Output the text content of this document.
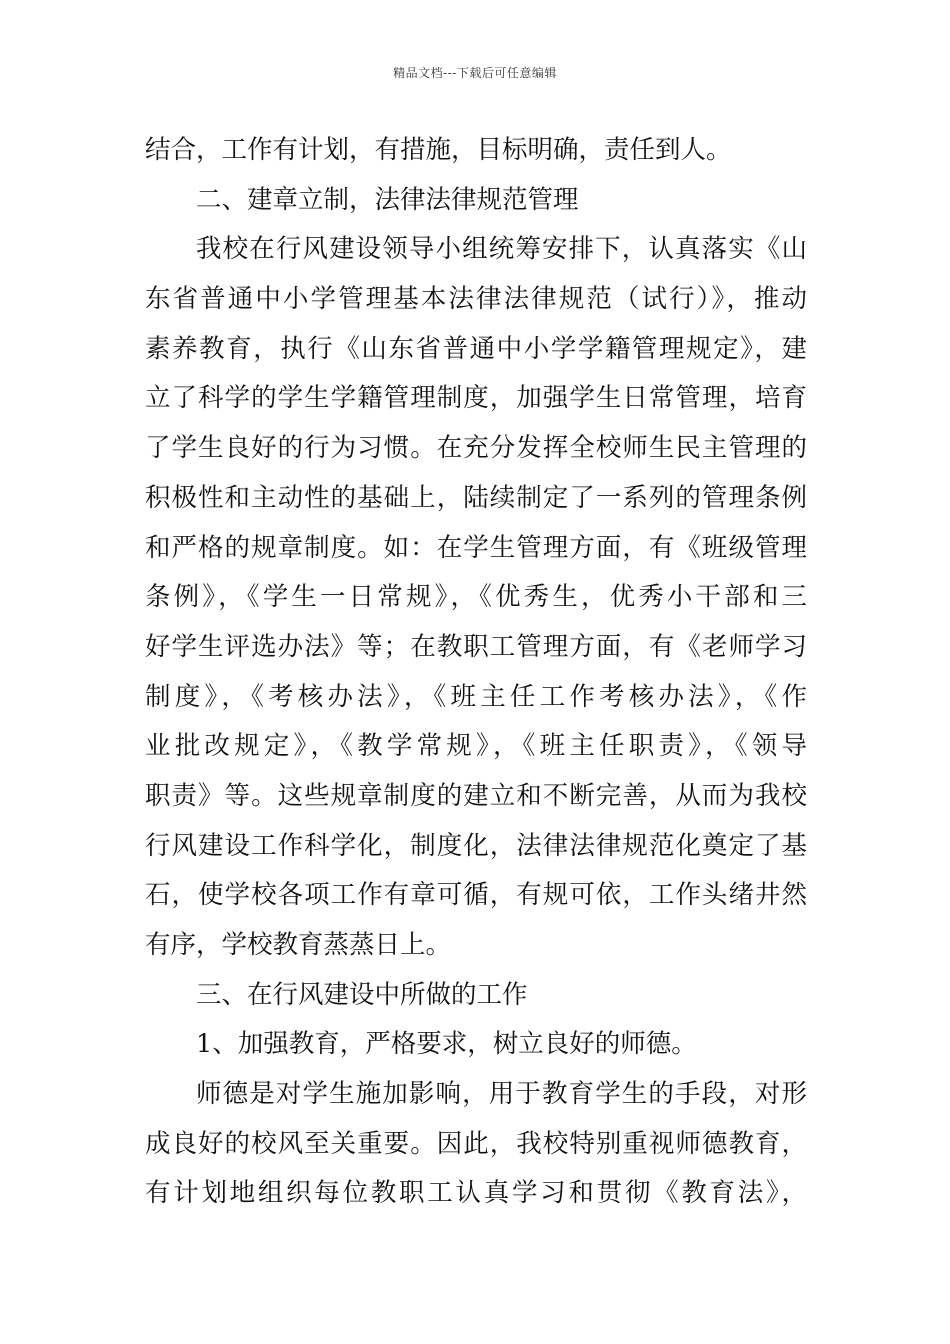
精品文档---下载后可任意编辑
结合，工作有计划，有措施，目标明确，责任到人。
二、建章立制，法律法律规范管理
我校在行风建设领导小组统筹安排下，认真落实《山
东省普通中小学管理基本法律法律规范（试行）》，推动
素养教育，执行《山东省普通中小学学籍管理规定》，建
立了科学的学生学籍管理制度，加强学生日常管理，培育
了学生良好的行为习惯。在充分发挥全校师生民主管理的
积极性和主动性的基础上，陆续制定了一系列的管理条例
和严格的规章制度。如：在学生管理方面，有《班级管理
条例》，《学生一日常规》，《优秀生，优秀小干部和三
好学生评选办法》等；在教职工管理方面，有《老师学习
制度》，《考核办法》，《班主任工作考核办法》，《作
业批改规定》，《教学常规》，《班主任职责》，《领导
职责》等。这些规章制度的建立和不断完善，从而为我校
行风建设工作科学化，制度化，法律法律规范化奠定了基
石，使学校各项工作有章可循，有规可依，工作头绪井然
有序，学校教育蒸蒸日上。
三、在行风建设中所做的工作
1、加强教育，严格要求，树立良好的师德。
师德是对学生施加影响，用于教育学生的手段，对形
成良好的校风至关重要。因此，我校特别重视师德教育，
有计划地组织每位教职工认真学习和贯彻《教育法》，
